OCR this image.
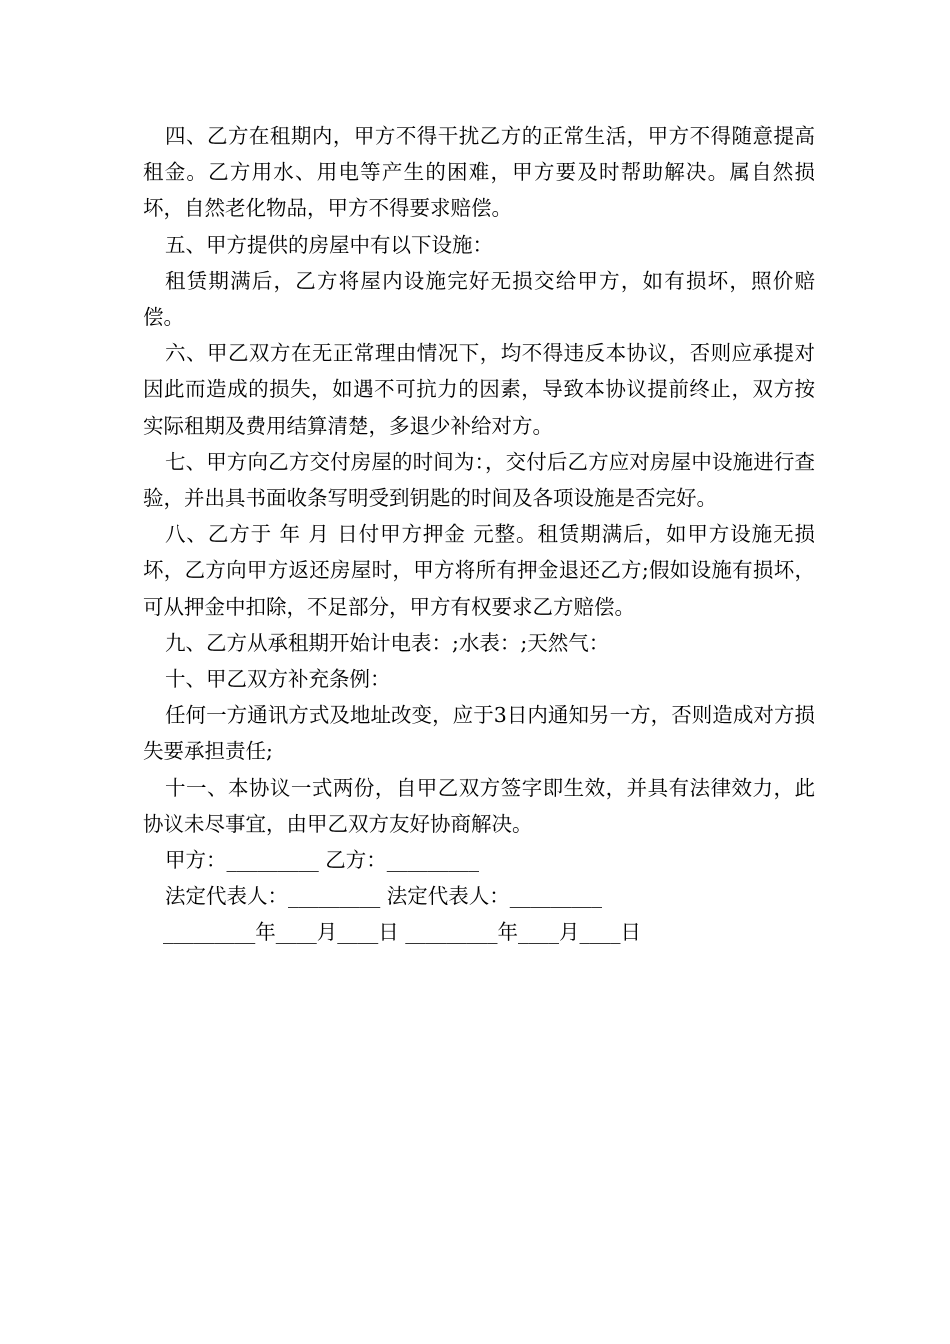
四、乙方在租期内，甲方不得干扰乙方的正常生活，甲方不得随意提高租金。乙方用水、用电等产生的困难，甲方要及时帮助解决。属自然损坏，自然老化物品，甲方不得要求赔偿。

五、甲方提供的房屋中有以下设施：

租赁期满后，乙方将屋内设施完好无损交给甲方，如有损坏，照价赔偿。

六、甲乙双方在无正常理由情况下，均不得违反本协议，否则应承提对因此而造成的损失，如遇不可抗力的因素，导致本协议提前终止，双方按实际租期及费用结算清楚，多退少补给对方。

七、甲方向乙方交付房屋的时间为：，交付后乙方应对房屋中设施进行查验，并出具书面收条写明受到钥匙的时间及各项设施是否完好。

八、乙方于 年 月 日付甲方押金 元整。租赁期满后，如甲方设施无损坏，乙方向甲方返还房屋时，甲方将所有押金退还乙方;假如设施有损坏，可从押金中扣除，不足部分，甲方有权要求乙方赔偿。

九、乙方从承租期开始计电表：;水表：;天然气：

十、甲乙双方补充条例：

任何一方通讯方式及地址改变，应于3日内通知另一方，否则造成对方损失要承担责任;

十一、本协议一式两份，自甲乙双方签字即生效，并具有法律效力，此协议未尽事宜，由甲乙双方友好协商解决。

甲方：_________ 乙方：_________

法定代表人：_________ 法定代表人：_________

_________年____月____日 _________年____月____日
